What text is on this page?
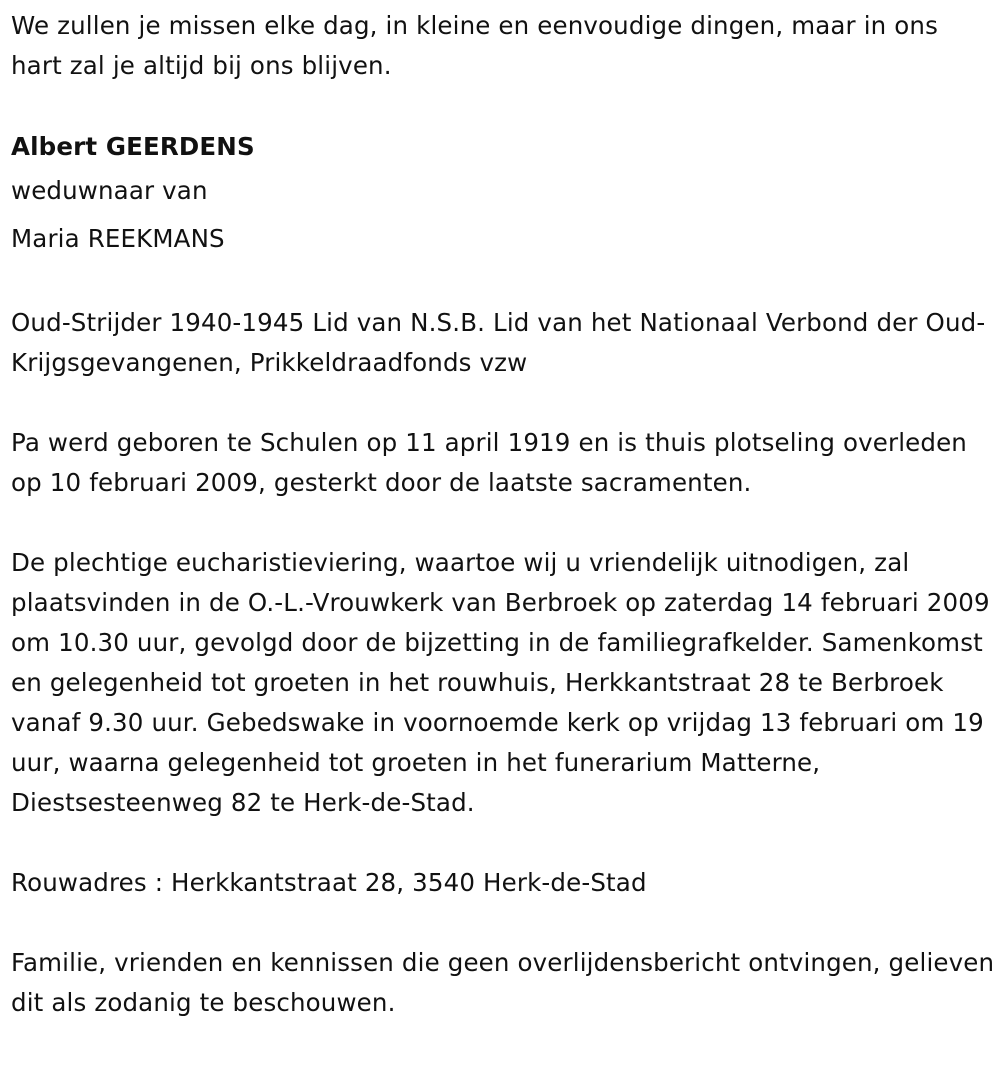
We zullen je missen elke dag, in kleine en eenvoudige dingen, maar in ons hart zal je altijd bij ons blijven.

Albert GEERDENS

weduwnaar van

Maria REEKMANS

Oud-Strijder 1940-1945 Lid van N.S.B. Lid van het Nationaal Verbond der Oud-Krijgsgevangenen, Prikkeldraadfonds vzw

Pa werd geboren te Schulen op 11 april 1919 en is thuis plotseling overleden op 10 februari 2009, gesterkt door de laatste sacramenten.

De plechtige eucharistieviering, waartoe wij u vriendelijk uitnodigen, zal plaatsvinden in de O.-L.-Vrouwkerk van Berbroek op zaterdag 14 februari 2009 om 10.30 uur, gevolgd door de bijzetting in de familiegrafkelder. Samenkomst en gelegenheid tot groeten in het rouwhuis, Herkkantstraat 28 te Berbroek vanaf 9.30 uur. Gebedswake in voornoemde kerk op vrijdag 13 februari om 19 uur, waarna gelegenheid tot groeten in het funerarium Matterne, Diestsesteenweg 82 te Herk-de-Stad.

Rouwadres : Herkkantstraat 28, 3540 Herk-de-Stad

Familie, vrienden en kennissen die geen overlijdensbericht ontvingen, gelieven dit als zodanig te beschouwen.
